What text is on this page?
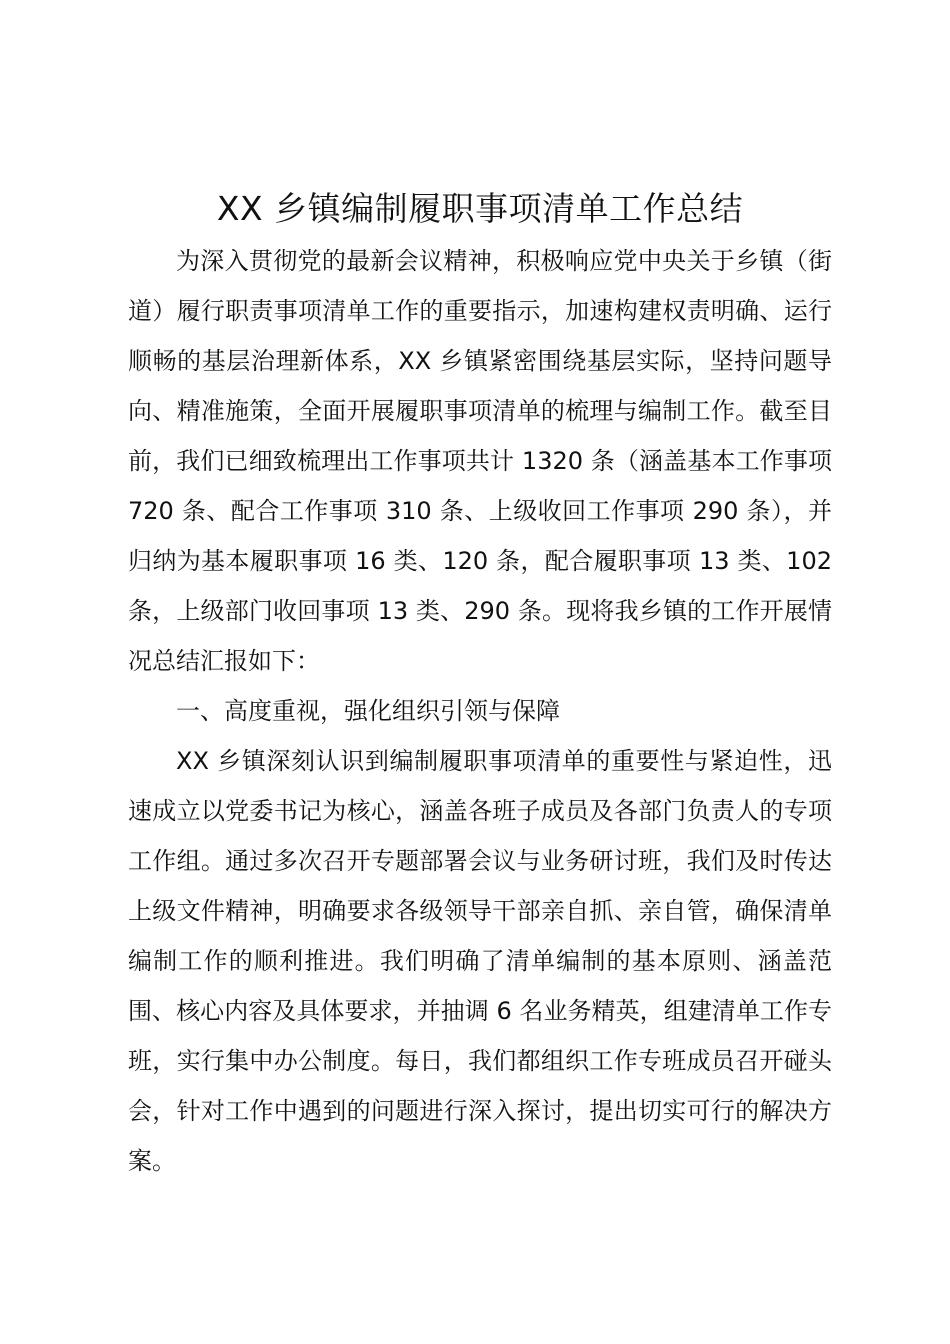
XX 乡镇编制履职事项清单工作总结

为深入贯彻党的最新会议精神，积极响应党中央关于乡镇（街道）履行职责事项清单工作的重要指示，加速构建权责明确、运行顺畅的基层治理新体系，XX 乡镇紧密围绕基层实际，坚持问题导向、精准施策，全面开展履职事项清单的梳理与编制工作。截至目前，我们已细致梳理出工作事项共计 1320 条（涵盖基本工作事项 720 条、配合工作事项 310 条、上级收回工作事项 290 条），并归纳为基本履职事项 16 类、120 条，配合履职事项 13 类、102 条，上级部门收回事项 13 类、290 条。现将我乡镇的工作开展情况总结汇报如下：

一、高度重视，强化组织引领与保障

XX 乡镇深刻认识到编制履职事项清单的重要性与紧迫性，迅速成立以党委书记为核心，涵盖各班子成员及各部门负责人的专项工作组。通过多次召开专题部署会议与业务研讨班，我们及时传达上级文件精神，明确要求各级领导干部亲自抓、亲自管，确保清单编制工作的顺利推进。我们明确了清单编制的基本原则、涵盖范围、核心内容及具体要求，并抽调 6 名业务精英，组建清单工作专班，实行集中办公制度。每日，我们都组织工作专班成员召开碰头会，针对工作中遇到的问题进行深入探讨，提出切实可行的解决方案。
